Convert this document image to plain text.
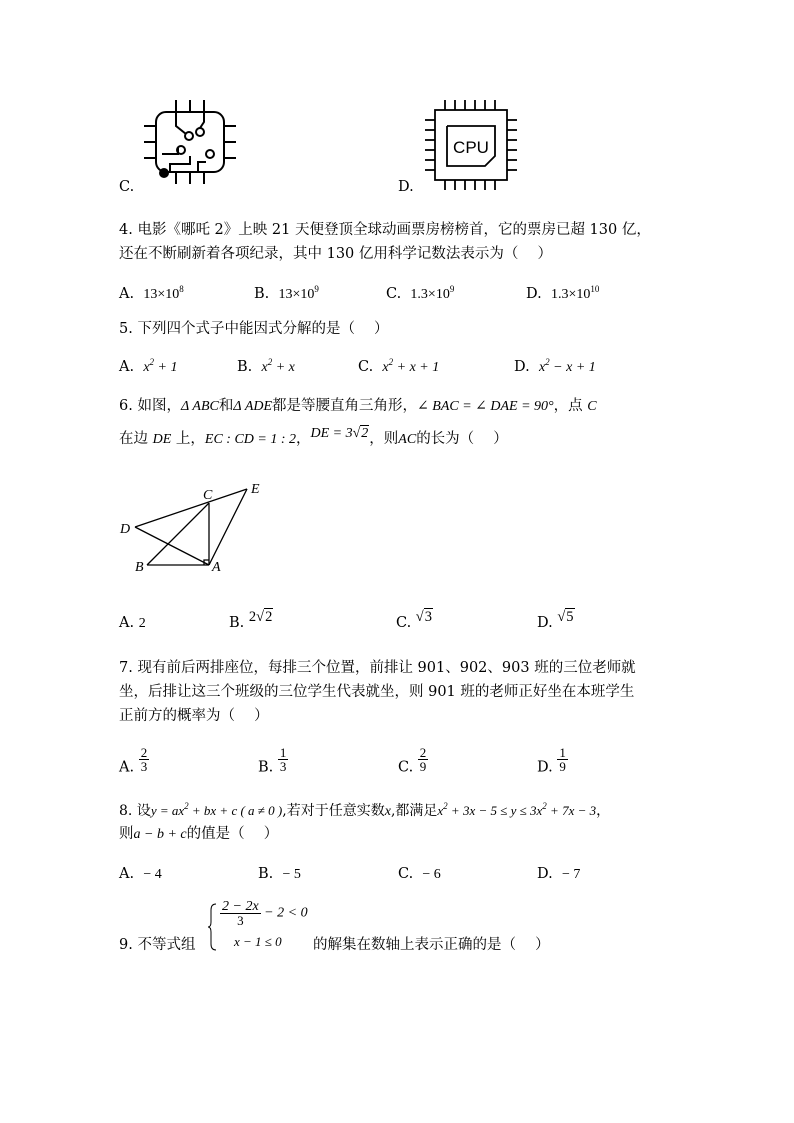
C.	D.
CPU
4. 电影《哪吒 2》上映 21 天便登顶全球动画票房榜榜首，它的票房已超 130 亿，
还在不断刷新着各项纪录，其中 130 亿用科学记数法表示为（　 ）
A. $13\times 10^8$	B. $13\times 10^9$	C. $1.3\times 10^9$	D. $1.3\times 10^{10}$
5. 下列四个式子中能因式分解的是（　 ）
A. $x^2 + 1$	B. $x^2 + x$	C. $x^2 + x + 1$	D. $x^2 - x + 1$
6. 如图，Δ ABC和Δ ADE都是等腰直角三角形，∠ BAC = ∠ DAE = 90°，点 C
在边 DE 上，EC : CD = 1 : 2，DE = 3√2，则AC的长为（　 ）
C	E
D
B	A
A. 2	B. 2√2	C. √3	D. √5
7. 现有前后两排座位，每排三个位置，前排让 901、902、903 班的三位老师就
坐，后排让这三个班级的三位学生代表就坐，则 901 班的老师正好坐在本班学生
正前方的概率为（　 ）
A. $\frac{2}{3}$	B. $\frac{1}{3}$	C. $\frac{2}{9}$	D. $\frac{1}{9}$
8. 设$y = ax^2$ + bx + c ( a ≠ 0 ),若对于任意实数x,都满足$x^2 + 3x - 5 \le y \le 3x^2 + 7x - 3$，
则a − b + c的值是（　 ）
A. − 4	B. − 5	C. − 6	D. − 7
9. 不等式组
$\frac{2 - 2x}{3} - 2 < 0$
x − 1 ≤ 0 的解集在数轴上表示正确的是（　 ）
